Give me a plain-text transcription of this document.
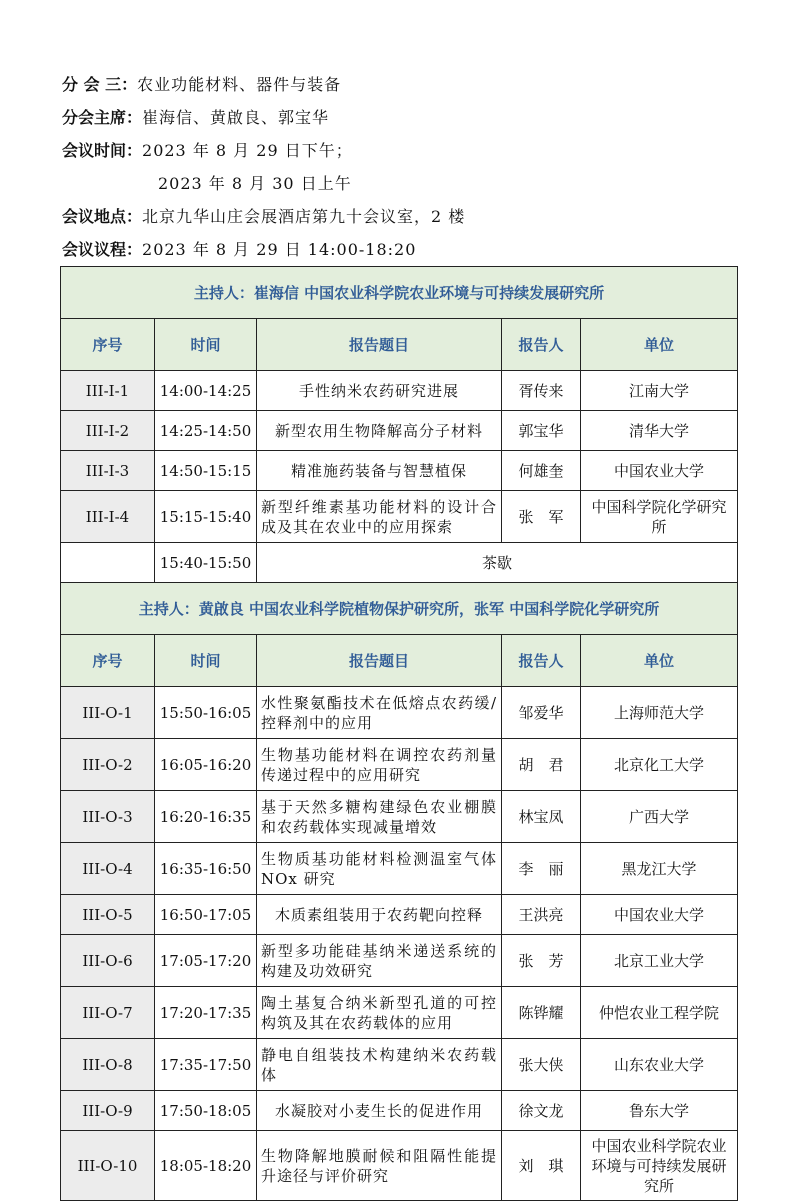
分 会 三：农业功能材料、器件与装备
分会主席：崔海信、黄啟良、郭宝华
会议时间：2023 年 8 月 29 日下午；
2023 年 8 月 30 日上午
会议地点：北京九华山庄会展酒店第九十会议室，2 楼
会议议程：2023 年 8 月 29 日 14:00-18:20
主持人：崔海信 中国农业科学院农业环境与可持续发展研究所				
序号	时间	报告题目	报告人	单位
III-I-1	14:00-14:25	手性纳米农药研究进展	胥传来	江南大学
III-I-2	14:25-14:50	新型农用生物降解高分子材料	郭宝华	清华大学
III-I-3	14:50-15:15	精准施药装备与智慧植保	何雄奎	中国农业大学
III-I-4	15:15-15:40	新型纤维素基功能材料的设计合成及其在农业中的应用探索	张　军	中国科学院化学研究所
	15:40-15:50	茶歇		
主持人：黄啟良 中国农业科学院植物保护研究所，张军 中国科学院化学研究所				
序号	时间	报告题目	报告人	单位
III-O-1	15:50-16:05	水性聚氨酯技术在低熔点农药缓/控释剂中的应用	邹爱华	上海师范大学
III-O-2	16:05-16:20	生物基功能材料在调控农药剂量传递过程中的应用研究	胡　君	北京化工大学
III-O-3	16:20-16:35	基于天然多糖构建绿色农业棚膜和农药载体实现减量增效	林宝凤	广西大学
III-O-4	16:35-16:50	生物质基功能材料检测温室气体 NOx 研究	李　丽	黑龙江大学
III-O-5	16:50-17:05	木质素组装用于农药靶向控释	王洪亮	中国农业大学
III-O-6	17:05-17:20	新型多功能硅基纳米递送系统的构建及功效研究	张　芳	北京工业大学
III-O-7	17:20-17:35	陶土基复合纳米新型孔道的可控构筑及其在农药载体的应用	陈铧耀	仲恺农业工程学院
III-O-8	17:35-17:50	静电自组装技术构建纳米农药载体	张大侠	山东农业大学
III-O-9	17:50-18:05	水凝胶对小麦生长的促进作用	徐文龙	鲁东大学
III-O-10	18:05-18:20	生物降解地膜耐候和阻隔性能提升途径与评价研究	刘　琪	中国农业科学院农业环境与可持续发展研究所
